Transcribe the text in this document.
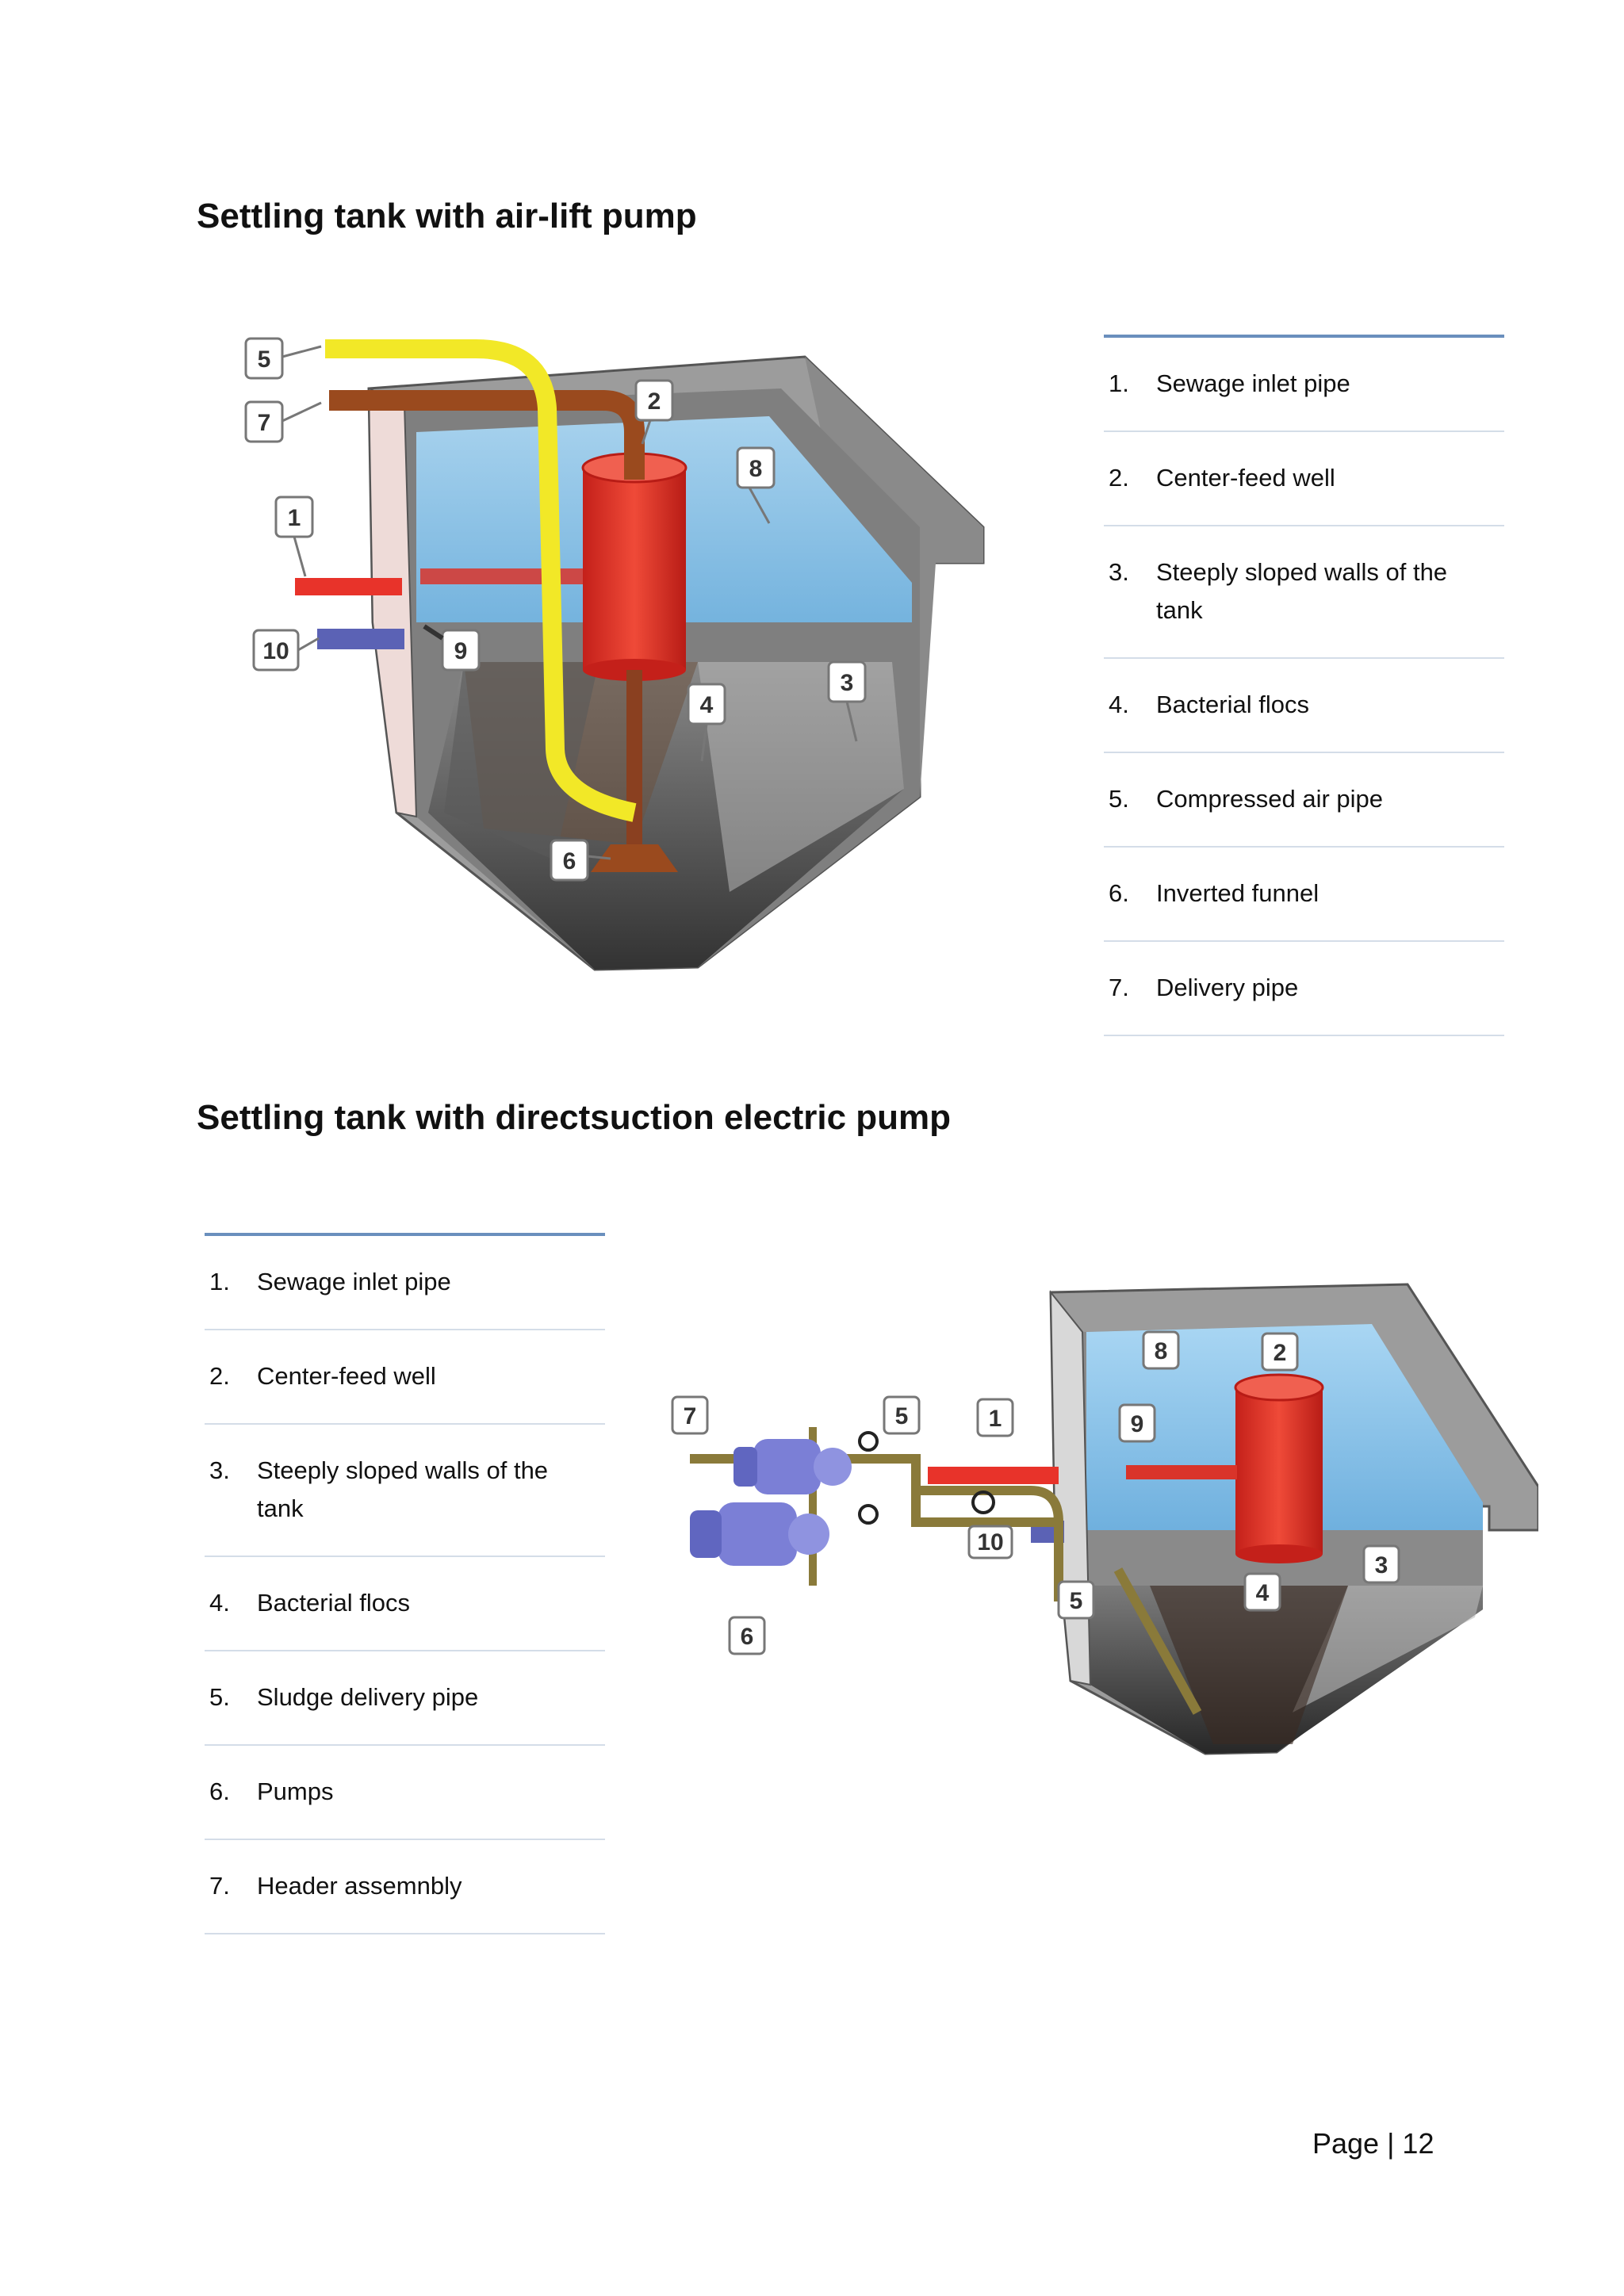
Settling tank with air-lift pump
5
7
2
8
1
10	9
3
4
6
1. Sewage inlet pipe
2. Center-feed well
3. Steeply sloped walls of the tank
4. Bacterial flocs
5. Compressed air pipe
6. Inverted funnel
7. Delivery pipe
Settling tank with directsuction electric pump
1. Sewage inlet pipe
2. Center-feed well
3. Steeply sloped walls of the tank
4. Bacterial flocs
5. Sludge delivery pipe
6. Pumps
7. Header assemnbly
7	5	1
8	2
9
10
5
3
4
6
Page | 12
